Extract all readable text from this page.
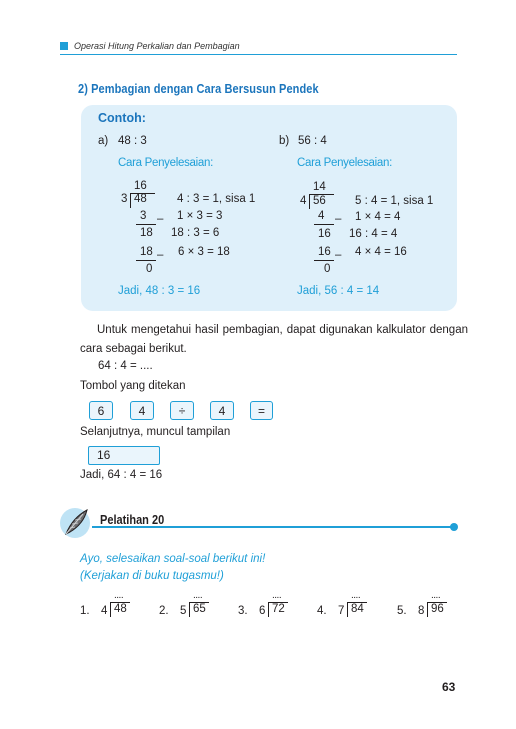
Operasi Hitung Perkalian dan Pembagian
2) Pembagian dengan Cara Bersusun Pendek
Contoh:
a) 48 : 3
Cara Penyelesaian:
16
3 48
3 –
18
18 –
0
4 : 3 = 1, sisa 1
1 × 3 = 3
18 : 3 = 6
6 × 3 = 18
Jadi, 48 : 3 = 16
b) 56 : 4
Cara Penyelesaian:
14
4 56
4 –
16
16 –
0
5 : 4 = 1, sisa 1
1 × 4 = 4
16 : 4 = 4
4 × 4 = 16
Jadi, 56 : 4 = 14
Untuk mengetahui hasil pembagian, dapat digunakan kalkulator dengan cara sebagai berikut.
64 : 4 = ....
Tombol yang ditekan
6	4	÷	4	=
Selanjutnya, muncul tampilan
16
Jadi, 64 : 4 = 16
Pelatihan 20
Ayo, selesaikan soal-soal berikut ini!
(Kerjakan di buku tugasmu!)
1. 4 48
....
2. 5 65
....
3. 6 72
....
4. 7 84
....
5. 8 96
....
63
